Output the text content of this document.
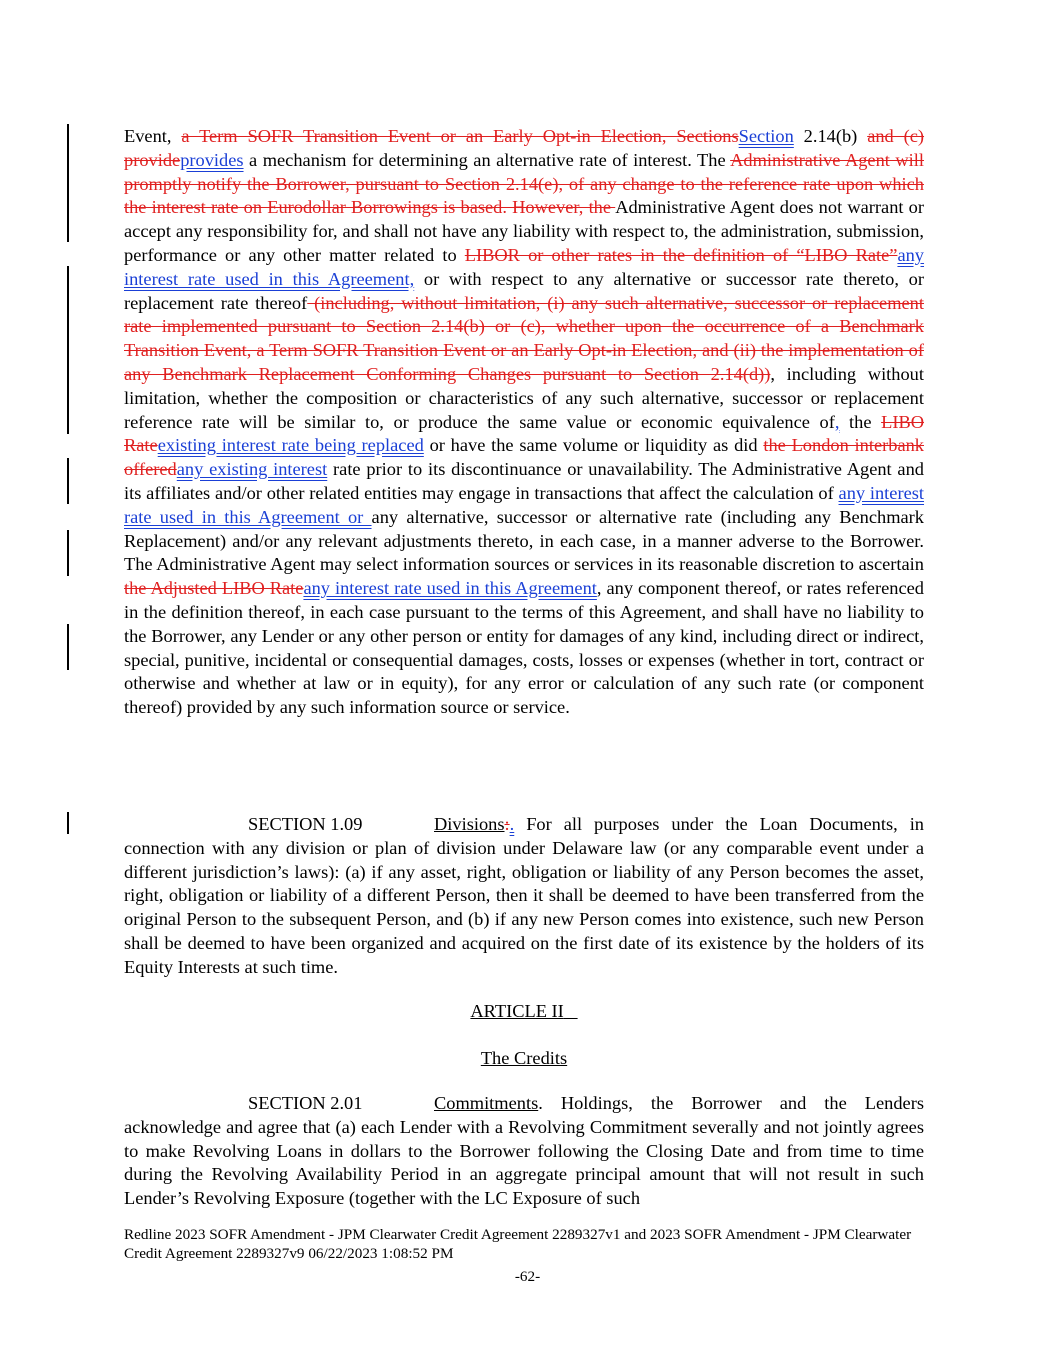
Event, a Term SOFR Transition Event or an Early Opt-in Election, SectionsSection 2.14(b) and (c) provideprovides a mechanism for determining an alternative rate of interest. The Administrative Agent will promptly notify the Borrower, pursuant to Section 2.14(e), of any change to the reference rate upon which the interest rate on Eurodollar Borrowings is based. However, the Administrative Agent does not warrant or accept any responsibility for, and shall not have any liability with respect to, the administration, submission, performance or any other matter related to LIBOR or other rates in the definition of “LIBO Rate”any interest rate used in this Agreement, or with respect to any alternative or successor rate thereto, or replacement rate thereof (including, without limitation, (i) any such alternative, successor or replacement rate implemented pursuant to Section 2.14(b) or (c), whether upon the occurrence of a Benchmark Transition Event, a Term SOFR Transition Event or an Early Opt-in Election, and (ii) the implementation of any Benchmark Replacement Conforming Changes pursuant to Section 2.14(d)), including without limitation, whether the composition or characteristics of any such alternative, successor or replacement reference rate will be similar to, or produce the same value or economic equivalence of, the LIBO Rateexisting interest rate being replaced or have the same volume or liquidity as did the London interbank offeredany existing interest rate prior to its discontinuance or unavailability. The Administrative Agent and its affiliates and/or other related entities may engage in transactions that affect the calculation of any interest rate used in this Agreement or any alternative, successor or alternative rate (including any Benchmark Replacement) and/or any relevant adjustments thereto, in each case, in a manner adverse to the Borrower. The Administrative Agent may select information sources or services in its reasonable discretion to ascertain the Adjusted LIBO Rateany interest rate used in this Agreement, any component thereof, or rates referenced in the definition thereof, in each case pursuant to the terms of this Agreement, and shall have no liability to the Borrower, any Lender or any other person or entity for damages of any kind, including direct or indirect, special, punitive, incidental or consequential damages, costs, losses or expenses (whether in tort, contract or otherwise and whether at law or in equity), for any error or calculation of any such rate (or component thereof) provided by any such information source or service.
SECTION 1.09	Divisions:. For all purposes under the Loan Documents, in connection with any division or plan of division under Delaware law (or any comparable event under a different jurisdiction’s laws): (a) if any asset, right, obligation or liability of any Person becomes the asset, right, obligation or liability of a different Person, then it shall be deemed to have been transferred from the original Person to the subsequent Person, and (b) if any new Person comes into existence, such new Person shall be deemed to have been organized and acquired on the first date of its existence by the holders of its Equity Interests at such time.
ARTICLE II
The Credits
SECTION 2.01	Commitments. Holdings, the Borrower and the Lenders acknowledge and agree that (a) each Lender with a Revolving Commitment severally and not jointly agrees to make Revolving Loans in dollars to the Borrower following the Closing Date and from time to time during the Revolving Availability Period in an aggregate principal amount that will not result in such Lender’s Revolving Exposure (together with the LC Exposure of such
Redline 2023 SOFR Amendment - JPM Clearwater Credit Agreement 2289327v1 and 2023 SOFR Amendment - JPM Clearwater Credit Agreement 2289327v9 06/22/2023 1:08:52 PM
-62-
